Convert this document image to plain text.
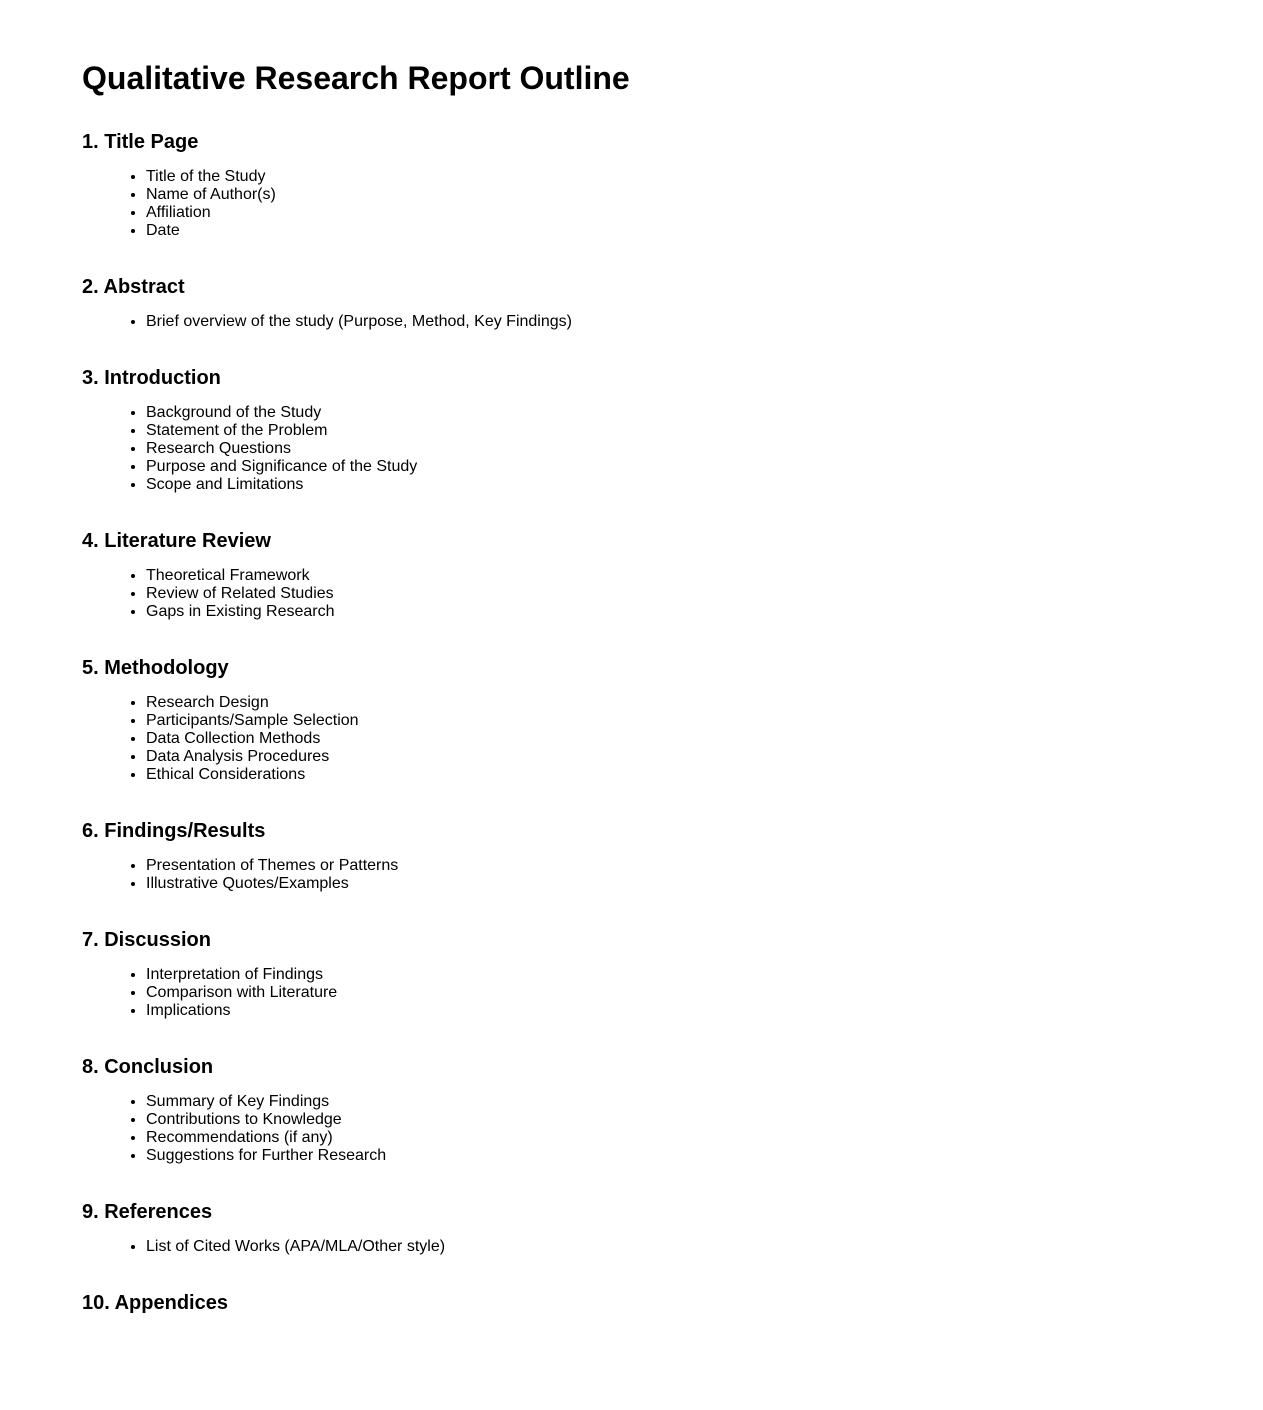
Qualitative Research Report Outline
1. Title Page
• Title of the Study
• Name of Author(s)
• Affiliation
• Date
2. Abstract
• Brief overview of the study (Purpose, Method, Key Findings)
3. Introduction
• Background of the Study
• Statement of the Problem
• Research Questions
• Purpose and Significance of the Study
• Scope and Limitations
4. Literature Review
• Theoretical Framework
• Review of Related Studies
• Gaps in Existing Research
5. Methodology
• Research Design
• Participants/Sample Selection
• Data Collection Methods
• Data Analysis Procedures
• Ethical Considerations
6. Findings/Results
• Presentation of Themes or Patterns
• Illustrative Quotes/Examples
7. Discussion
• Interpretation of Findings
• Comparison with Literature
• Implications
8. Conclusion
• Summary of Key Findings
• Contributions to Knowledge
• Recommendations (if any)
• Suggestions for Further Research
9. References
• List of Cited Works (APA/MLA/Other style)
10. Appendices
